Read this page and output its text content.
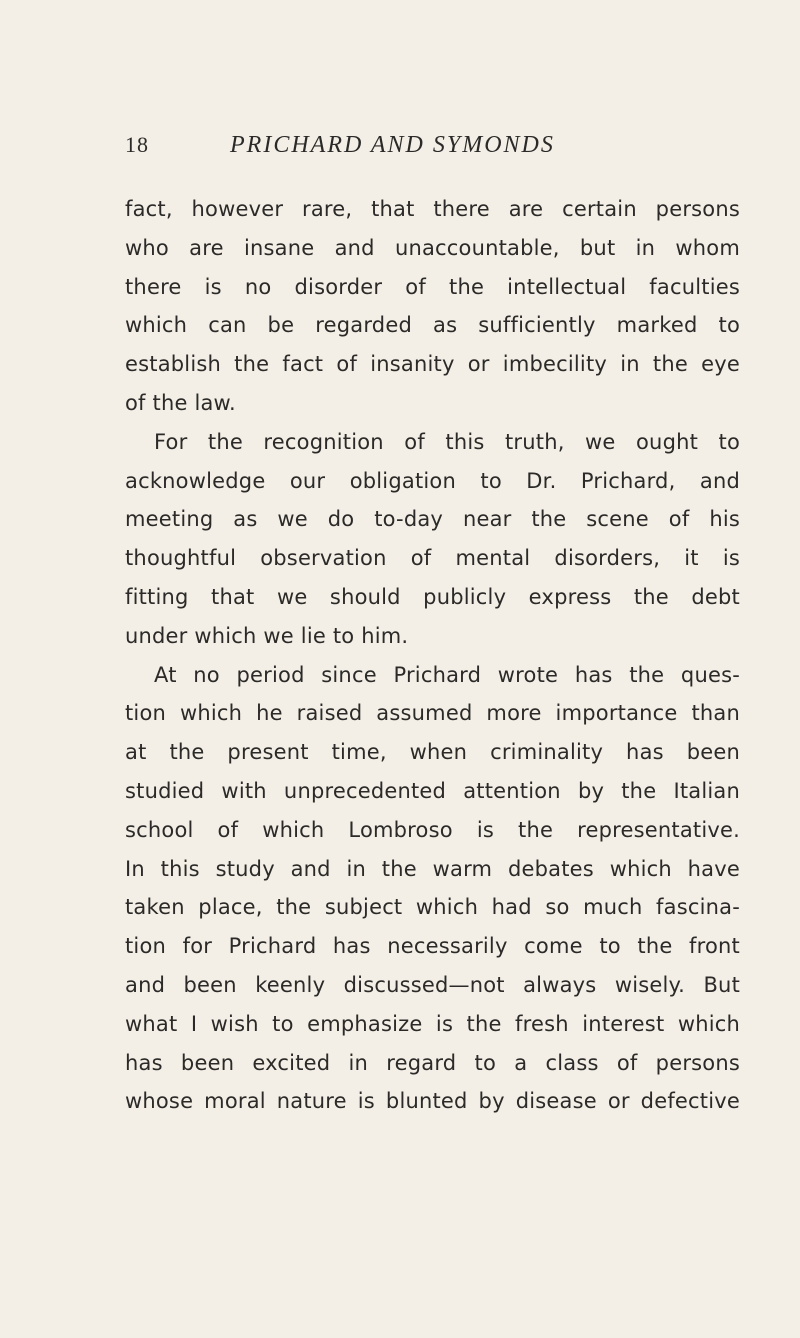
18	PRICHARD AND SYMONDS
fact, however rare, that there are certain persons
who are insane and unaccountable, but in whom
there is no disorder of the intellectual faculties
which can be regarded as sufficiently marked to
establish the fact of insanity or imbecility in the eye
of the law.
For the recognition of this truth, we ought to
acknowledge our obligation to Dr. Prichard, and
meeting as we do to-day near the scene of his
thoughtful observation of mental disorders, it is
fitting that we should publicly express the debt
under which we lie to him.
At no period since Prichard wrote has the ques-
tion which he raised assumed more importance than
at the present time, when criminality has been
studied with unprecedented attention by the Italian
school of which Lombroso is the representative.
In this study and in the warm debates which have
taken place, the subject which had so much fascina-
tion for Prichard has necessarily come to the front
and been keenly discussed—not always wisely. But
what I wish to emphasize is the fresh interest which
has been excited in regard to a class of persons
whose moral nature is blunted by disease or defective
